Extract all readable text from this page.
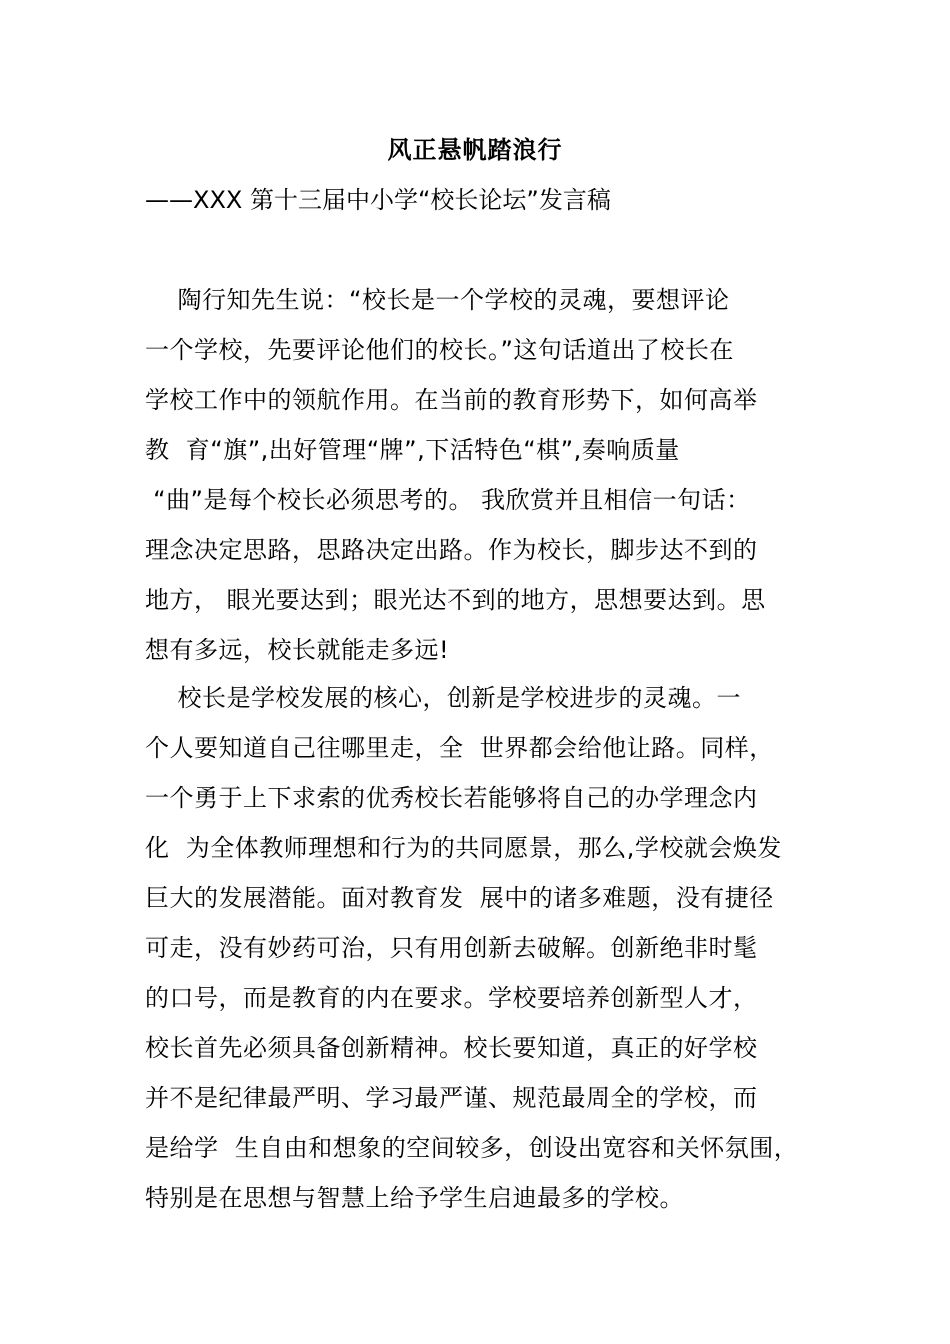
风正悬帆踏浪行
——XXX 第十三届中小学“校长论坛”发言稿
陶行知先生说：“校长是一个学校的灵魂，要想评论
一个学校，先要评论他们的校长。”这句话道出了校长在
学校工作中的领航作用。在当前的教育形势下，如何高举
教  育“旗”,出好管理“牌”,下活特色“棋”,奏响质量
“曲”是每个校长必须思考的。 我欣赏并且相信一句话：
理念决定思路，思路决定出路。作为校长，脚步达不到的
地方， 眼光要达到；眼光达不到的地方，思想要达到。思
想有多远，校长就能走多远!
校长是学校发展的核心，创新是学校进步的灵魂。一
个人要知道自己往哪里走，全  世界都会给他让路。同样，
一个勇于上下求索的优秀校长若能够将自己的办学理念内
化  为全体教师理想和行为的共同愿景，那么,学校就会焕发
巨大的发展潜能。面对教育发  展中的诸多难题，没有捷径
可走，没有妙药可治，只有用创新去破解。创新绝非时髦
的口号，而是教育的内在要求。学校要培养创新型人才，
校长首先必须具备创新精神。校长要知道，真正的好学校
并不是纪律最严明、学习最严谨、规范最周全的学校，而
是给学  生自由和想象的空间较多，创设出宽容和关怀氛围，
特别是在思想与智慧上给予学生启迪最多的学校。
